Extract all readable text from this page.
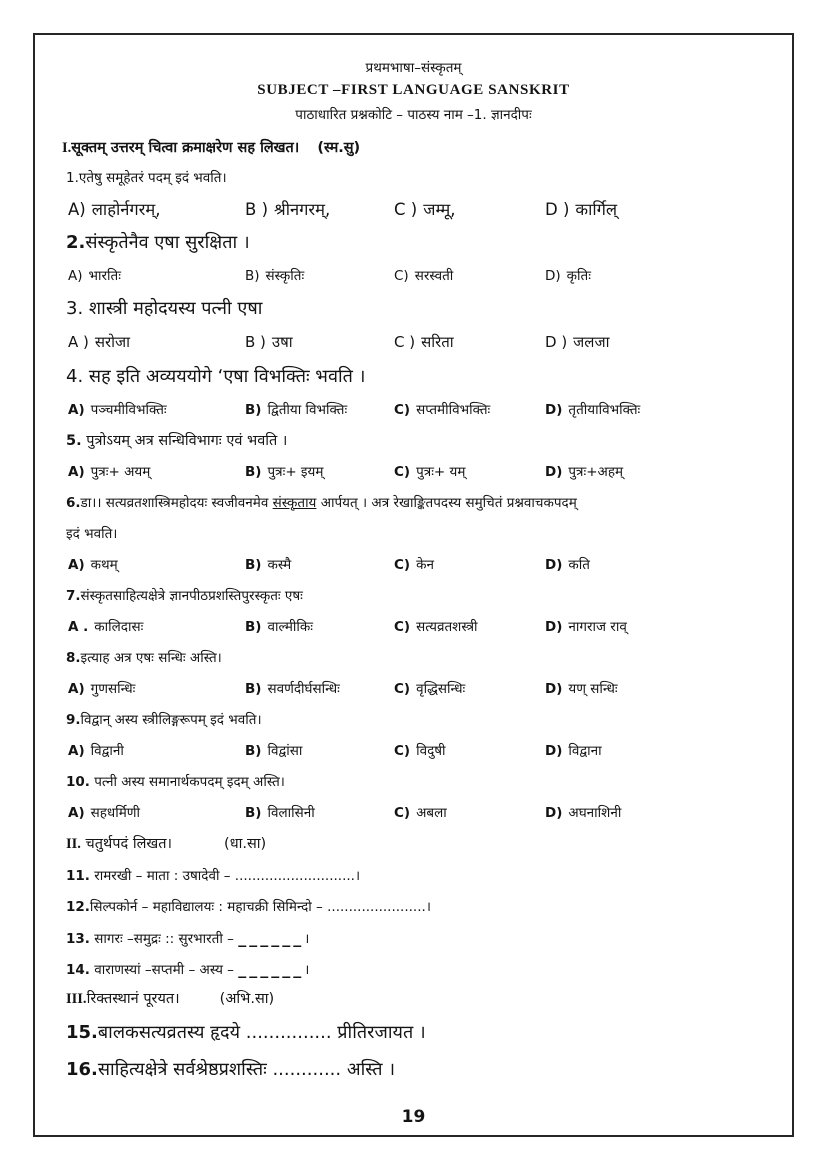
प्रथमभाषा–संस्कृतम्
SUBJECT –FIRST LANGUAGE SANSKRIT
पाठाधारित प्रश्नकोटि – पाठस्य नाम –1. ज्ञानदीपः
I.सूक्तम् उत्तरम् चित्वा क्रमाक्षरेण सह लिखत। (स्म.सु)
1.एतेषु समूहेतरं पदम् इदं भवति।
A) लाहोर्नगरम्,	B ) श्रीनगरम्,	C ) जम्मू,	D ) कार्गिल्
2.संस्कृतेनैव एषा सुरक्षिता ।
A) भारतिः	B) संस्कृतिः	C) सरस्वती	D) कृतिः
3. शास्त्री महोदयस्य पत्नी एषा
A ) सरोजा	B ) उषा	C ) सरिता	D ) जलजा
4. सह इति अव्यययोगे ‘एषा विभक्तिः भवति ।
A) पञ्चमीविभक्तिः	B) द्वितीया विभक्तिः	C) सप्तमीविभक्तिः	D) तृतीयाविभक्तिः
5. पुत्रोऽयम् अत्र सन्धिविभागः एवं भवति ।
A) पुत्रः+ अयम्	B) पुत्रः+ इयम्	C) पुत्रः+ यम्	D) पुत्रः+अहम्
6.डा।। सत्यव्रतशास्त्रिमहोदयः स्वजीवनमेव संस्कृताय आर्पयत् । अत्र रेखाङ्कितपदस्य समुचितं प्रश्नवाचकपदम्
इदं भवति।
A) कथम्	B) कस्मै	C) केन	D) कति
7.संस्कृतसाहित्यक्षेत्रे ज्ञानपीठप्रशस्तिपुरस्कृतः एषः
A . कालिदासः	B) वाल्मीकिः	C) सत्यव्रतशस्त्री	D) नागराज राव्
8.इत्याह अत्र एषः सन्धिः अस्ति।
A) गुणसन्धिः	B) सवर्णदीर्घसन्धिः	C) वृद्धिसन्धिः	D) यण् सन्धिः
9.विद्वान् अस्य स्त्रीलिङ्गरूपम् इदं भवति।
A) विद्वानी	B) विद्वांसा	C) विदुषी	D) विद्वाना
10. पत्नी अस्य समानार्थकपदम् इदम् अस्ति।
A) सहधर्मिणी	B) विलासिनी	C) अबला	D) अघनाशिनी
II. चतुर्थपदं लिखत।	(धा.सा)
11. रामरखी – माता : उषादेवी – ............................।
12.सिल्पकोर्न – महाविद्यालयः : महाचक्री सिमिन्दो – .......................।
13. सागरः –समुद्रः :: सुरभारती – ______।
14. वाराणस्यां –सप्तमी – अस्य – ______।
III.रिक्तस्थानं पूरयत।	(अभि.सा)
15.बालकसत्यव्रतस्य हृदये ............... प्रीतिरजायत ।
16.साहित्यक्षेत्रे सर्वश्रेष्ठप्रशस्तिः ............ अस्ति ।
19
